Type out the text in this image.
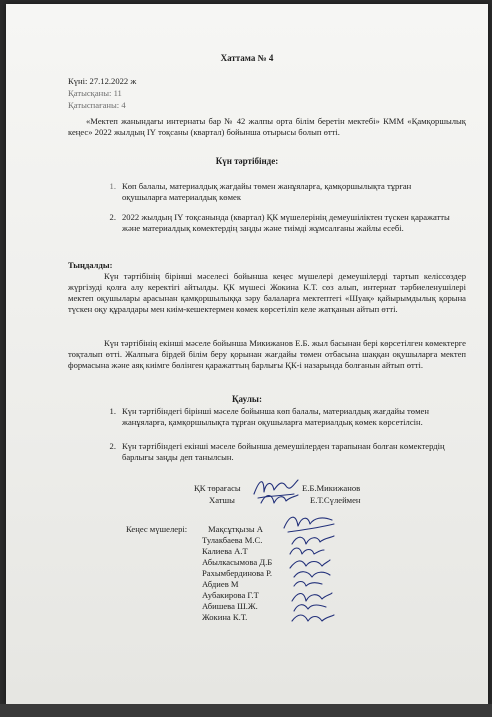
Хаттама № 4
Күні: 27.12.2022 ж
Қатысқаны: 11
Қатыспағаны: 4
«Мектеп жанындағы интернаты бар № 42 жалпы орта білім беретін мектебі» КММ «Қамқоршылық кеңес» 2022 жылдың ІҮ тоқсаны (квартал) бойынша отырысы болып өтті.
Күн тәртібінде:
1. Көп балалы, материалдық жағдайы төмен жанұяларға, қамқоршылықта тұрған оқушыларға материалдық көмек
2. 2022 жылдың ІҮ тоқсанында (квартал) ҚК мүшелерінің демеушіліктен түскен қаражатты және материалдық көмектердің заңды және тиімді жұмсалғаны жайлы есебі.
Тыңдалды:
Күн тәртібінің бірінші мәселесі бойынша кеңес мүшелері демеушілерді тартып келіссөздер жүргізуді қолға алу керектігі айтылды. ҚК мүшесі Жокина К.Т. сөз алып, интернат тәрбиеленушілері мектеп оқушылары арасынан қамқоршылыққа зәру балаларға мектептегі «Шуақ» қайырымдылық қорына түскен оқу құралдары мен киім-кешектермен көмек көрсетіліп келе жатқанын айтып өтті.
Күн тәртібінің екінші мәселе бойынша Микижанов Е.Б. жыл басынан бері көрсетілген көмектерге тоқталып өтті. Жалпыға бірдей білім беру қорынан жағдайы төмен отбасына шаққан оқушыларға мектеп формасына және аяқ киімге бөлінген қаражаттың барлығы ҚК-і назарында болғанын айтып өтті.
Қаулы:
1. Күн тәртібіндегі бірінші мәселе бойынша көп балалы, материалдық жағдайы төмен жанұяларға, қамқоршылықта тұрған оқушыларға материалдық көмек көрсетілсін.
2. Күн тәртібіндегі екінші мәселе бойынша демеушілерден тарапынан болған көмектердің барлығы заңды деп танылсын.
ҚК төрағасы	Е.Б.Микижанов
Хатшы	Е.Т.Сүлеймен
Кеңес мүшелері: Мақсұтқызы А
Тулакбаева М.С.
Калиева А.Т
Абылкасымова Д.Б
Рахымбердинова Р.
Абдиев М
Аубакирова Г.Т
Абишева Ш.Ж.
Жокина К.Т.
